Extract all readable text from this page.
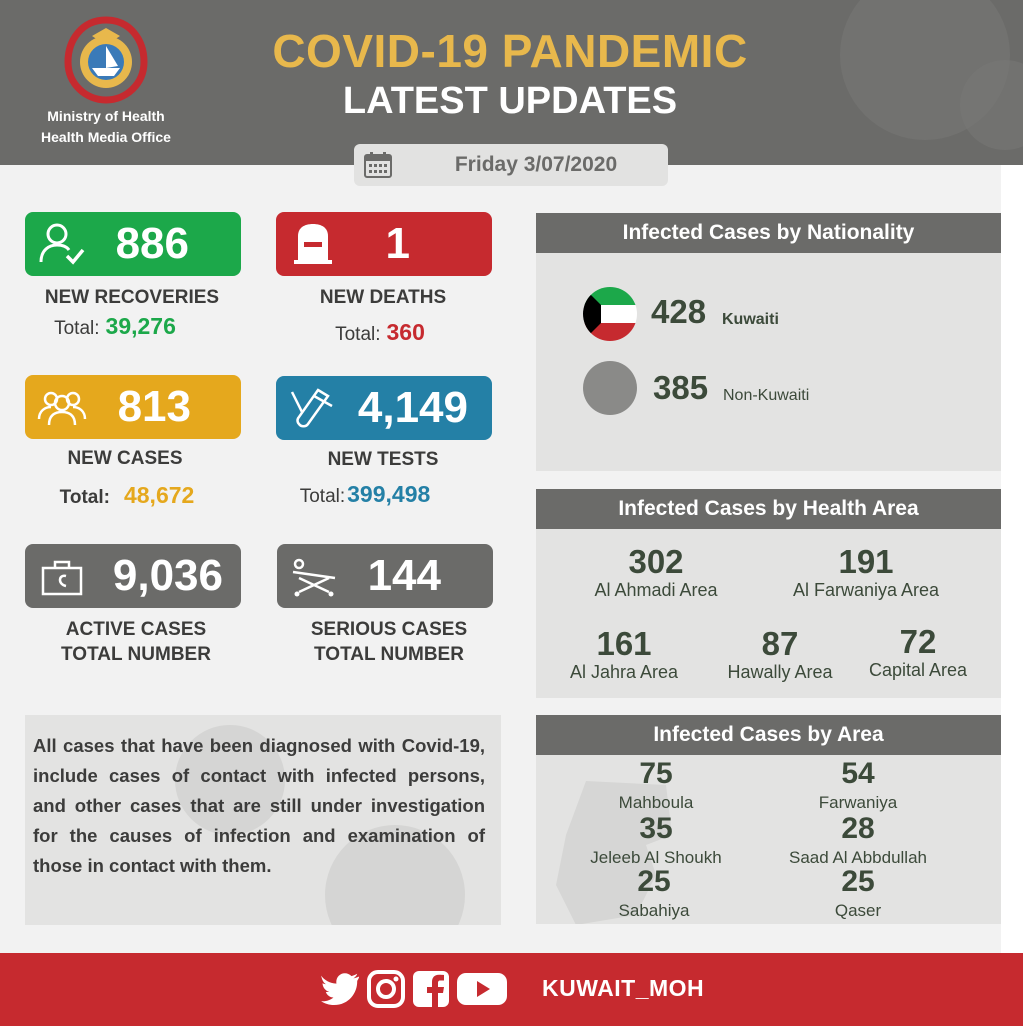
Ministry of Health
Health Media Office
COVID-19 PANDEMIC
LATEST UPDATES
Friday 3/07/2020
886
NEW RECOVERIES
Total: 39,276
1
NEW DEATHS
Total: 360
813
NEW CASES
Total: 48,672
4,149
NEW TESTS
Total:399,498
9,036
ACTIVE CASES
TOTAL NUMBER
144
SERIOUS CASES
TOTAL NUMBER

All cases that have been diagnosed with Covid-19, include cases of contact with infected persons, and other cases that are still under investigation for the causes of infection and examination of those in contact with them.

Infected Cases by Nationality
428 Kuwaiti
385 Non-Kuwaiti
Infected Cases by Health Area
302
Al Ahmadi Area
191
Al Farwaniya Area
161
Al Jahra Area
87
Hawally Area
72
Capital Area
Infected Cases by Area
75
Mahboula
54
Farwaniya
35
Jeleeb Al Shoukh
28
Saad Al Abbdullah
25
Sabahiya
25
Qaser
KUWAIT_MOH
